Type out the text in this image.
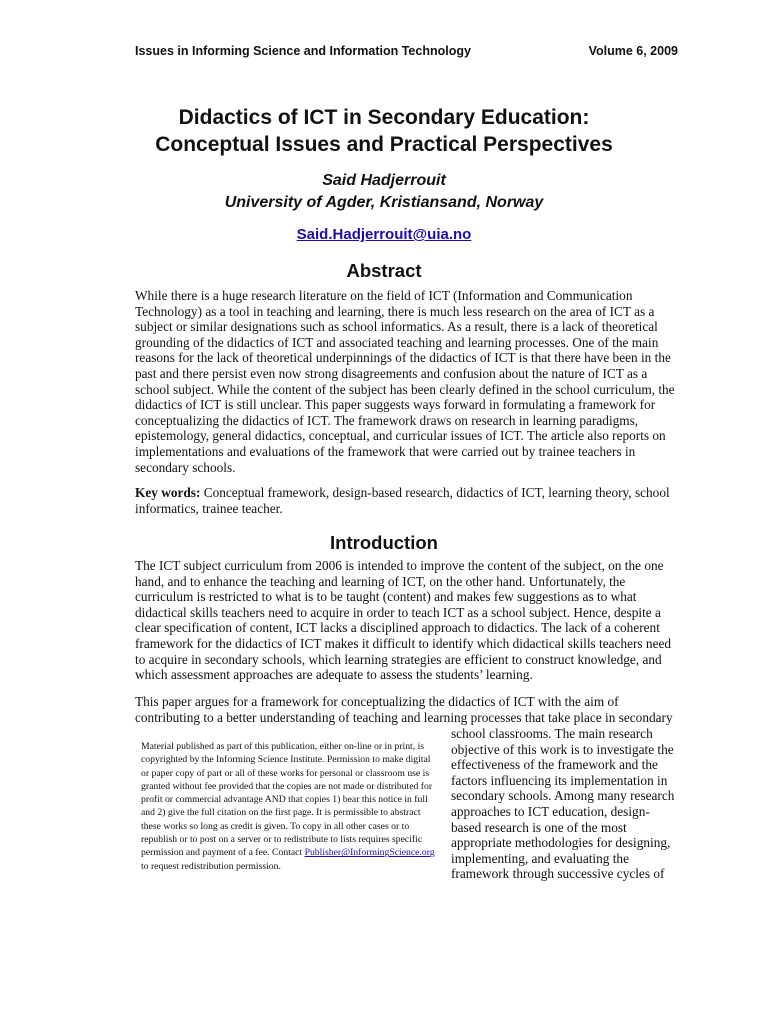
Issues in Informing Science and Information Technology	Volume 6, 2009
Didactics of ICT in Secondary Education:
Conceptual Issues and Practical Perspectives
Said Hadjerrouit
University of Agder, Kristiansand, Norway
Said.Hadjerrouit@uia.no
Abstract

While there is a huge research literature on the field of ICT (Information and Communication Technology) as a tool in teaching and learning, there is much less research on the area of ICT as a subject or similar designations such as school informatics. As a result, there is a lack of theoretical grounding of the didactics of ICT and associated teaching and learning processes. One of the main reasons for the lack of theoretical underpinnings of the didactics of ICT is that there have been in the past and there persist even now strong disagreements and confusion about the nature of ICT as a school subject. While the content of the subject has been clearly defined in the school curriculum, the didactics of ICT is still unclear. This paper suggests ways forward in formulating a framework for conceptualizing the didactics of ICT. The framework draws on research in learning paradigms, epistemology, general didactics, conceptual, and curricular issues of ICT. The article also reports on implementations and evaluations of the framework that were carried out by trainee teachers in secondary schools.

Key words: Conceptual framework, design-based research, didactics of ICT, learning theory, school informatics, trainee teacher.

Introduction

The ICT subject curriculum from 2006 is intended to improve the content of the subject, on the one hand, and to enhance the teaching and learning of ICT, on the other hand. Unfortunately, the curriculum is restricted to what is to be taught (content) and makes few suggestions as to what didactical skills teachers need to acquire in order to teach ICT as a school subject. Hence, despite a clear specification of content, ICT lacks a disciplined approach to didactics. The lack of a coherent framework for the didactics of ICT makes it difficult to identify which didactical skills teachers need to acquire in secondary schools, which learning strategies are efficient to construct knowledge, and which assessment approaches are adequate to assess the students’ learning.

This paper argues for a framework for conceptualizing the didactics of ICT with the aim of contributing to a better understanding of teaching and learning processes that take place in secondary

school classrooms. The main research objective of this work is to investigate the effectiveness of the framework and the factors influencing its implementation in secondary schools. Among many research approaches to ICT education, design-based research is one of the most appropriate methodologies for designing, implementing, and evaluating the framework through successive cycles of

Material published as part of this publication, either on-line or in print, is copyrighted by the Informing Science Institute. Permission to make digital or paper copy of part or all of these works for personal or classroom use is granted without fee provided that the copies are not made or distributed for profit or commercial advantage AND that copies 1) bear this notice in full and 2) give the full citation on the first page. It is permissible to abstract these works so long as credit is given. To copy in all other cases or to republish or to post on a server or to redistribute to lists requires specific permission and payment of a fee. Contact Publisher@InformingScience.org to request redistribution permission.
